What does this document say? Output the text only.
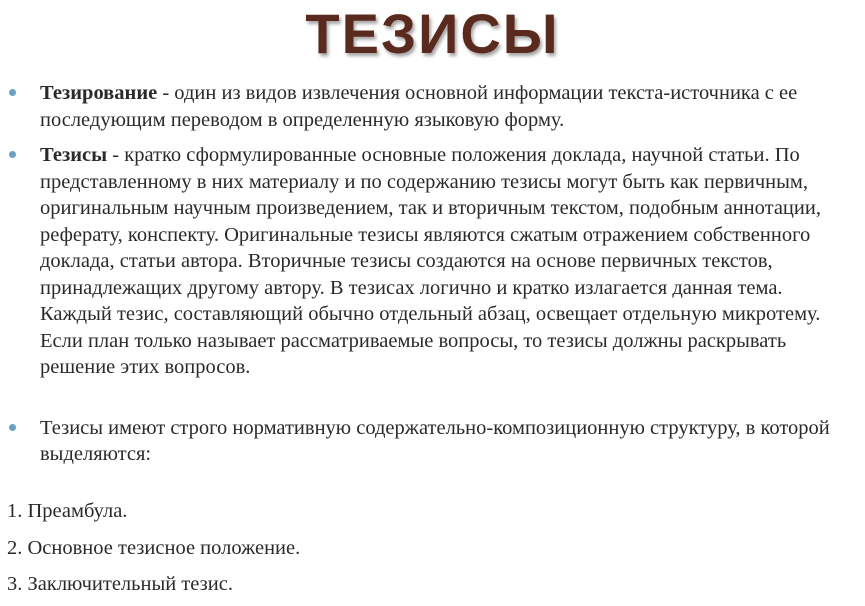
ТЕЗИСЫ
Тезирование - один из видов извлечения основной информации текста-источника с ее последующим переводом в определенную языковую форму.
Тезисы - кратко сформулированные основные положения доклада, научной статьи. По представленному в них материалу и по содержанию тезисы могут быть как первичным, оригинальным научным произведением, так и вторичным текстом, подобным аннотации, реферату, конспекту. Оригинальные тезисы являются сжатым отражением собственного доклада, статьи автора. Вторичные тезисы создаются на основе первичных текстов, принадлежащих другому автору. В тезисах логично и кратко излагается данная тема. Каждый тезис, составляющий обычно отдельный абзац, освещает отдельную микротему. Если план только называет рассматриваемые вопросы, то тезисы должны раскрывать решение этих вопросов.
Тезисы имеют строго нормативную содержательно-композиционную структуру, в которой выделяются:
1. Преамбула.
2. Основное тезисное положение.
3. Заключительный тезис.
